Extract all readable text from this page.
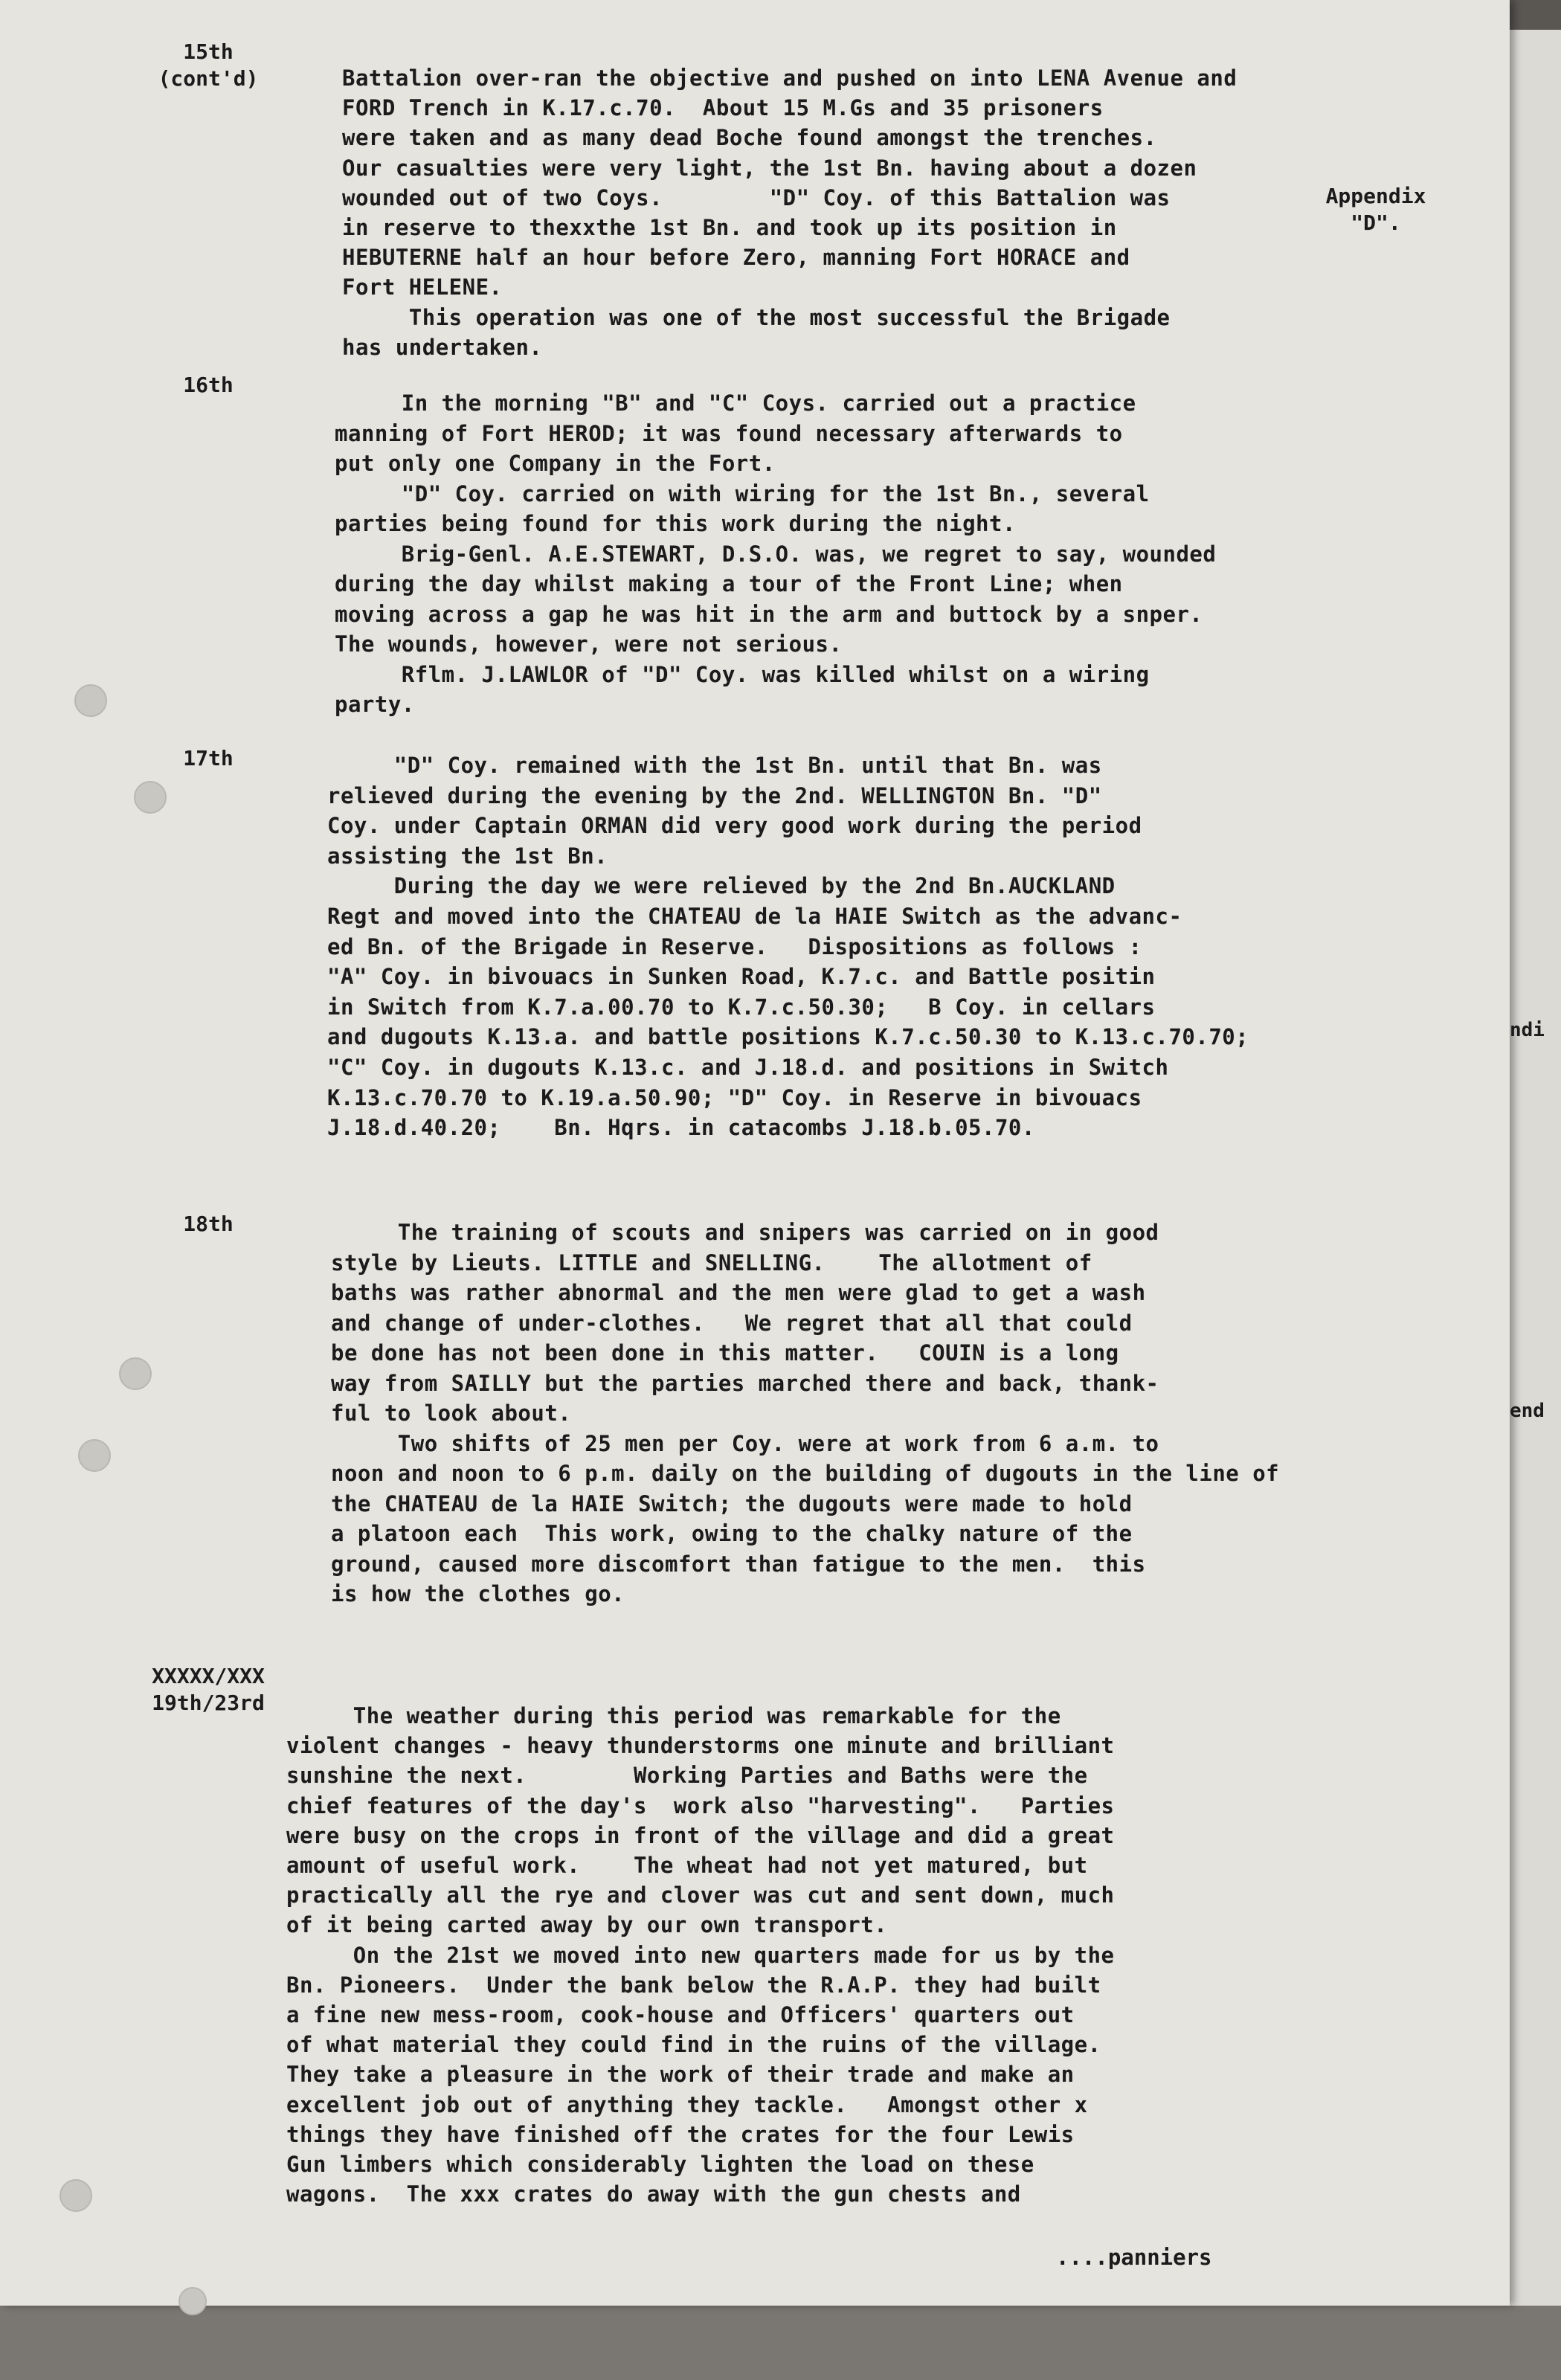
15th
(cont'd)
16th
17th
18th
XXXXX/XXX
19th/23rd
Appendix
"D".
ndi
end
Battalion over-ran the objective and pushed on into LENA Avenue and
FORD Trench in K.17.c.70.  About 15 M.Gs and 35 prisoners
were taken and as many dead Boche found amongst the trenches.
Our casualties were very light, the 1st Bn. having about a dozen
wounded out of two Coys.        "D" Coy. of this Battalion was
in reserve to thexxthe 1st Bn. and took up its position in
HEBUTERNE half an hour before Zero, manning Fort HORACE and
Fort HELENE.
This operation was one of the most successful the Brigade
has undertaken.
In the morning "B" and "C" Coys. carried out a practice
manning of Fort HEROD; it was found necessary afterwards to
put only one Company in the Fort.
"D" Coy. carried on with wiring for the 1st Bn., several
parties being found for this work during the night.
Brig-Genl. A.E.STEWART, D.S.O. was, we regret to say, wounded
during the day whilst making a tour of the Front Line; when
moving across a gap he was hit in the arm and buttock by a snper.
The wounds, however, were not serious.
Rflm. J.LAWLOR of "D" Coy. was killed whilst on a wiring
party.
"D" Coy. remained with the 1st Bn. until that Bn. was
relieved during the evening by the 2nd. WELLINGTON Bn. "D"
Coy. under Captain ORMAN did very good work during the period
assisting the 1st Bn.
During the day we were relieved by the 2nd Bn.AUCKLAND
Regt and moved into the CHATEAU de la HAIE Switch as the advanc-
ed Bn. of the Brigade in Reserve.   Dispositions as follows :
"A" Coy. in bivouacs in Sunken Road, K.7.c. and Battle positin
in Switch from K.7.a.00.70 to K.7.c.50.30;   B Coy. in cellars
and dugouts K.13.a. and battle positions K.7.c.50.30 to K.13.c.70.70;
"C" Coy. in dugouts K.13.c. and J.18.d. and positions in Switch
K.13.c.70.70 to K.19.a.50.90; "D" Coy. in Reserve in bivouacs
J.18.d.40.20;    Bn. Hqrs. in catacombs J.18.b.05.70.
The training of scouts and snipers was carried on in good
style by Lieuts. LITTLE and SNELLING.    The allotment of
baths was rather abnormal and the men were glad to get a wash
and change of under-clothes.   We regret that all that could
be done has not been done in this matter.   COUIN is a long
way from SAILLY but the parties marched there and back, thank-
ful to look about.
Two shifts of 25 men per Coy. were at work from 6 a.m. to
noon and noon to 6 p.m. daily on the building of dugouts in the line of
the CHATEAU de la HAIE Switch; the dugouts were made to hold
a platoon each  This work, owing to the chalky nature of the
ground, caused more discomfort than fatigue to the men.  this
is how the clothes go.
The weather during this period was remarkable for the
violent changes - heavy thunderstorms one minute and brilliant
sunshine the next.        Working Parties and Baths were the
chief features of the day's  work also "harvesting".   Parties
were busy on the crops in front of the village and did a great
amount of useful work.    The wheat had not yet matured, but
practically all the rye and clover was cut and sent down, much
of it being carted away by our own transport.
On the 21st we moved into new quarters made for us by the
Bn. Pioneers.  Under the bank below the R.A.P. they had built
a fine new mess-room, cook-house and Officers' quarters out
of what material they could find in the ruins of the village.
They take a pleasure in the work of their trade and make an
excellent job out of anything they tackle.   Amongst other x
things they have finished off the crates for the four Lewis
Gun limbers which considerably lighten the load on these
wagons.  The xxx crates do away with the gun chests and
....panniers
